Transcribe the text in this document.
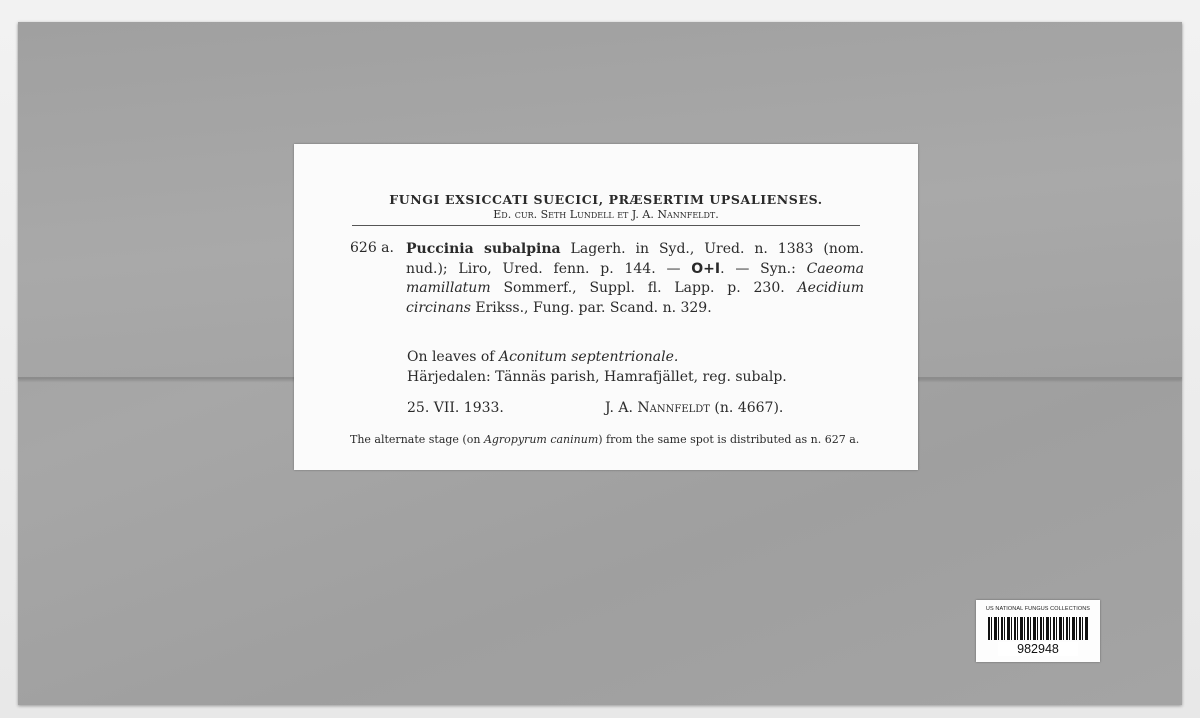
FUNGI EXSICCATI SUECICI, PRÆSERTIM UPSALIENSES.
Ed. cur. Seth Lundell et J. A. Nannfeldt.
626 a. Puccinia subalpina Lagerh. in Syd., Ured. n. 1383 (nom. nud.); Liro, Ured. fenn. p. 144. — O+I. — Syn.: Caeoma mamillatum Sommerf., Suppl. fl. Lapp. p. 230. Aecidium circinans Erikss., Fung. par. Scand. n. 329.
On leaves of Aconitum septentrionale.
Härjedalen: Tännäs parish, Hamrafjället, reg. subalp.
25. VII. 1933.	J. A. Nannfeldt (n. 4667).
The alternate stage (on Agropyrum caninum) from the same spot is distributed as n. 627 a.
US NATIONAL FUNGUS COLLECTIONS
982948
